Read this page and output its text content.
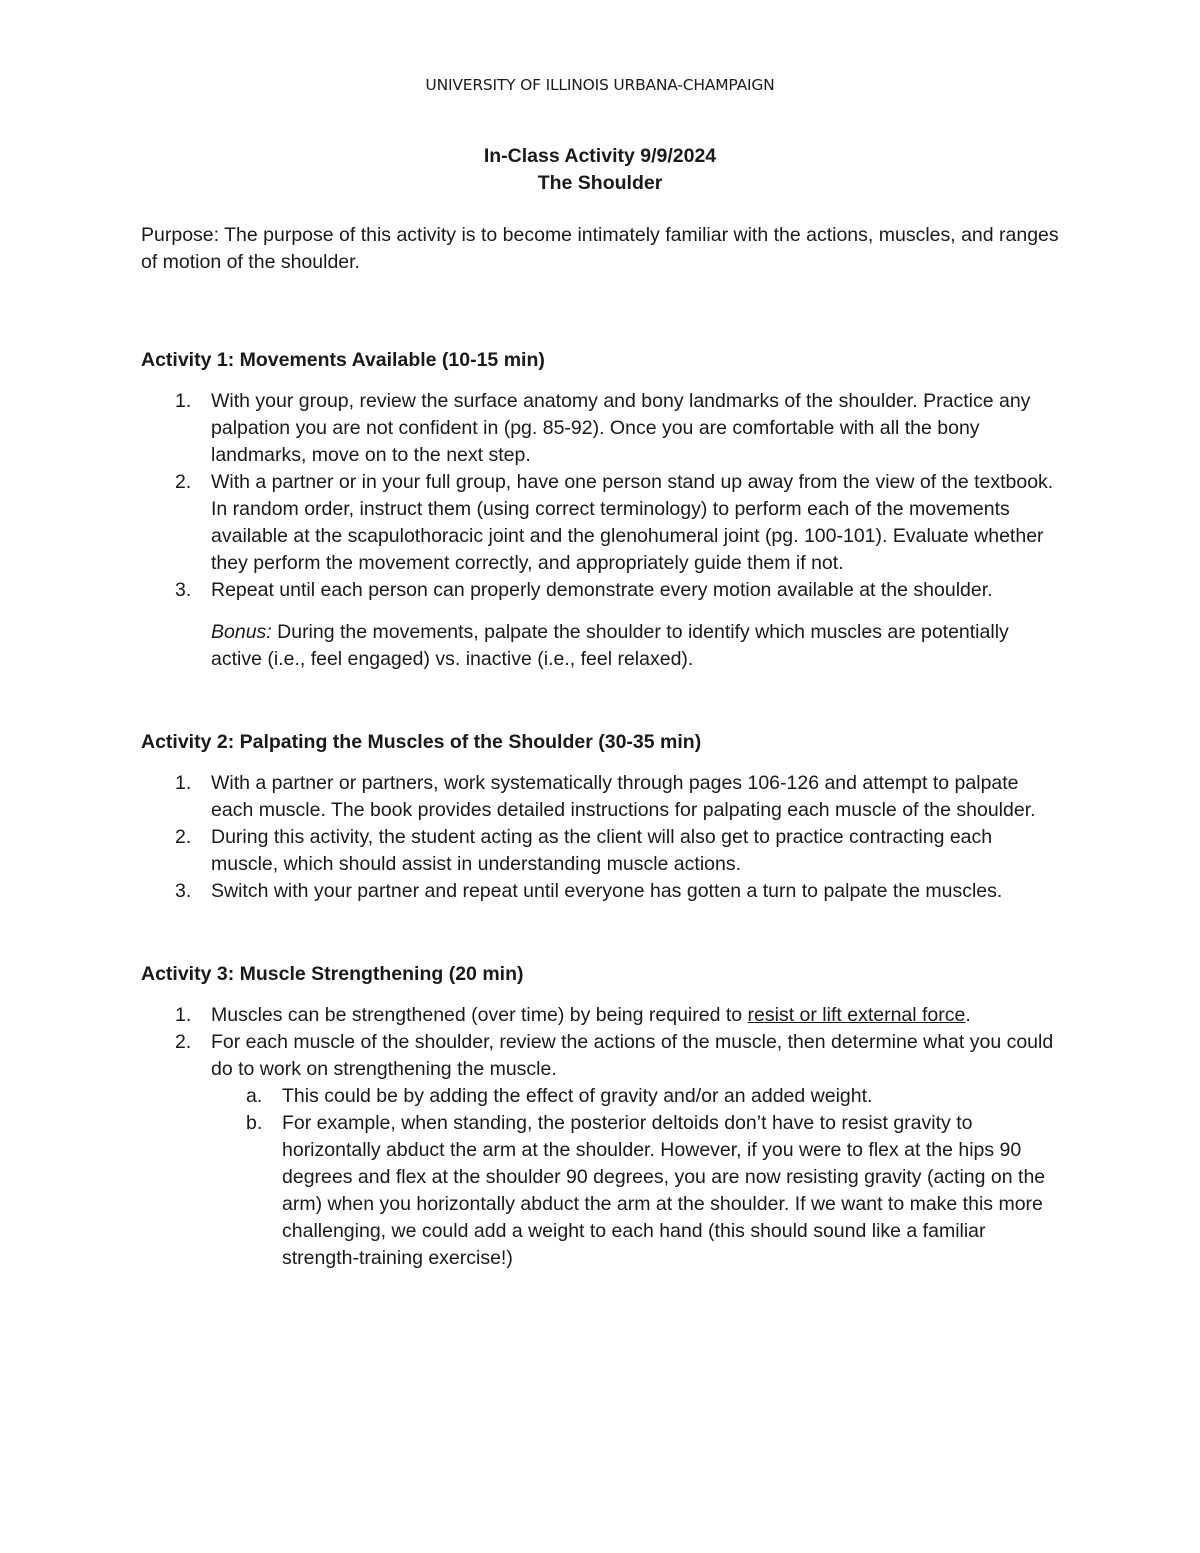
UNIVERSITY OF ILLINOIS URBANA-CHAMPAIGN
In-Class Activity 9/9/2024
The Shoulder

Purpose: The purpose of this activity is to become intimately familiar with the actions, muscles, and ranges of motion of the shoulder.

Activity 1: Movements Available (10-15 min)
1.	With your group, review the surface anatomy and bony landmarks of the shoulder. Practice any palpation you are not confident in (pg. 85-92). Once you are comfortable with all the bony landmarks, move on to the next step.
2.	With a partner or in your full group, have one person stand up away from the view of the textbook. In random order, instruct them (using correct terminology) to perform each of the movements available at the scapulothoracic joint and the glenohumeral joint (pg. 100-101). Evaluate whether they perform the movement correctly, and appropriately guide them if not.
3.	Repeat until each person can properly demonstrate every motion available at the shoulder.
Bonus: During the movements, palpate the shoulder to identify which muscles are potentially active (i.e., feel engaged) vs. inactive (i.e., feel relaxed).
Activity 2: Palpating the Muscles of the Shoulder (30-35 min)
1.	With a partner or partners, work systematically through pages 106-126 and attempt to palpate each muscle. The book provides detailed instructions for palpating each muscle of the shoulder.
2.	During this activity, the student acting as the client will also get to practice contracting each muscle, which should assist in understanding muscle actions.
3.	Switch with your partner and repeat until everyone has gotten a turn to palpate the muscles.
Activity 3: Muscle Strengthening (20 min)
1.	Muscles can be strengthened (over time) by being required to resist or lift external force.
2.	For each muscle of the shoulder, review the actions of the muscle, then determine what you could do to work on strengthening the muscle.
a.	This could be by adding the effect of gravity and/or an added weight.
b.	For example, when standing, the posterior deltoids don’t have to resist gravity to horizontally abduct the arm at the shoulder. However, if you were to flex at the hips 90 degrees and flex at the shoulder 90 degrees, you are now resisting gravity (acting on the arm) when you horizontally abduct the arm at the shoulder. If we want to make this more challenging, we could add a weight to each hand (this should sound like a familiar strength-training exercise!)
